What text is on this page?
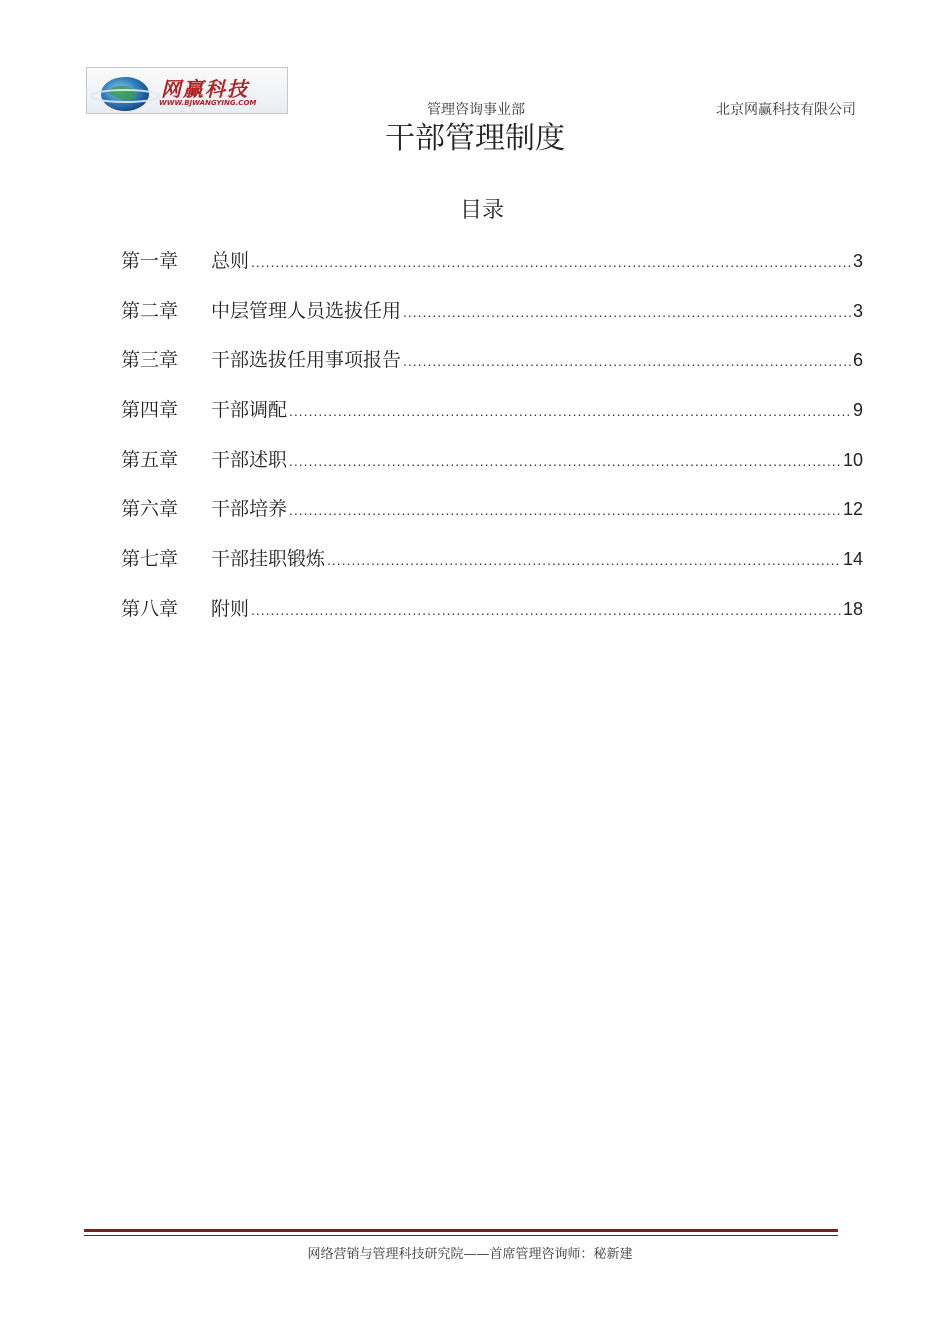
网赢科技
WWW.BJWANGYING.COM	管理咨询事业部	北京网赢科技有限公司
干部管理制度
目录
第一章	总则 .....	3
第二章	中层管理人员选拔任用 .....	3
第三章	干部选拔任用事项报告 .....	6
第四章	干部调配 .....	9
第五章	干部述职 .....	10
第六章	干部培养 .....	12
第七章	干部挂职锻炼 .....	14
第八章	附则 .....	18
网络营销与管理科技研究院——首席管理咨询师：秘新建
